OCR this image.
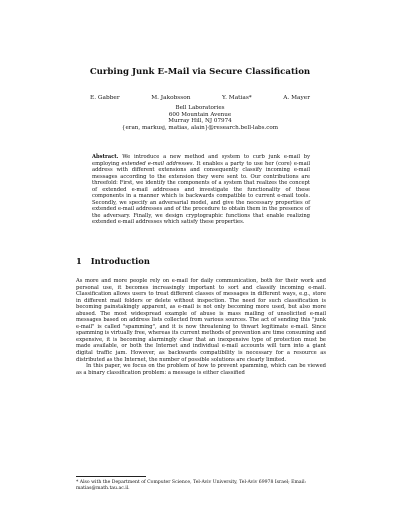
Curbing Junk E-Mail via Secure Classification
E. Gabber	M. Jakobsson	Y. Matias*	A. Mayer
Bell Laboratories
600 Mountain Avenue
Murray Hill, NJ 07974
{eran, markusj, matias, alain}@research.bell-labs.com
Abstract. We introduce a new method and system to curb junk e-mail by employing extended e-mail addresses. It enables a party to use her (core) e-mail address with different extensions and consequently classify incoming e-mail messages according to the extension they were sent to. Our contributions are threefold: First, we identify the components of a system that realizes the concept of extended e-mail addresses and investigate the functionality of these components in a manner which is backwards compatible to current e-mail tools. Secondly, we specify an adversarial model, and give the necessary properties of extended e-mail addresses and of the procedure to obtain them in the presence of the adversary. Finally, we design cryptographic functions that enable realizing extended e-mail addresses which satisfy these properties.
1 Introduction

As more and more people rely on e-mail for daily communication, both for their work and personal use, it becomes increasingly important to sort and classify incoming e-mail. Classification allows users to treat different classes of messages in different ways, e.g., store in different mail folders or delete without inspection. The need for such classification is becoming painstakingly apparent, as e-mail is not only becoming more used, but also more abused. The most widespread example of abuse is mass mailing of unsolicited e-mail messages based on address lists collected from various sources. The act of sending this "junk e-mail" is called "spamming", and it is now threatening to thwart legitimate e-mail. Since spamming is virtually free, whereas its current methods of prevention are time consuming and expensive, it is becoming alarmingly clear that an inexpensive type of protection must be made available, or both the Internet and individual e-mail accounts will turn into a giant digital traffic jam. However, as backwards compatibility is necessary for a resource as distributed as the Internet, the number of possible solutions are clearly limited.

In this paper, we focus on the problem of how to prevent spamming, which can be viewed as a binary classification problem: a message is either classified

* Also with the Department of Computer Science, Tel-Aviv University, Tel-Aviv 69978 Israel; Email: matias@math.tau.ac.il.
